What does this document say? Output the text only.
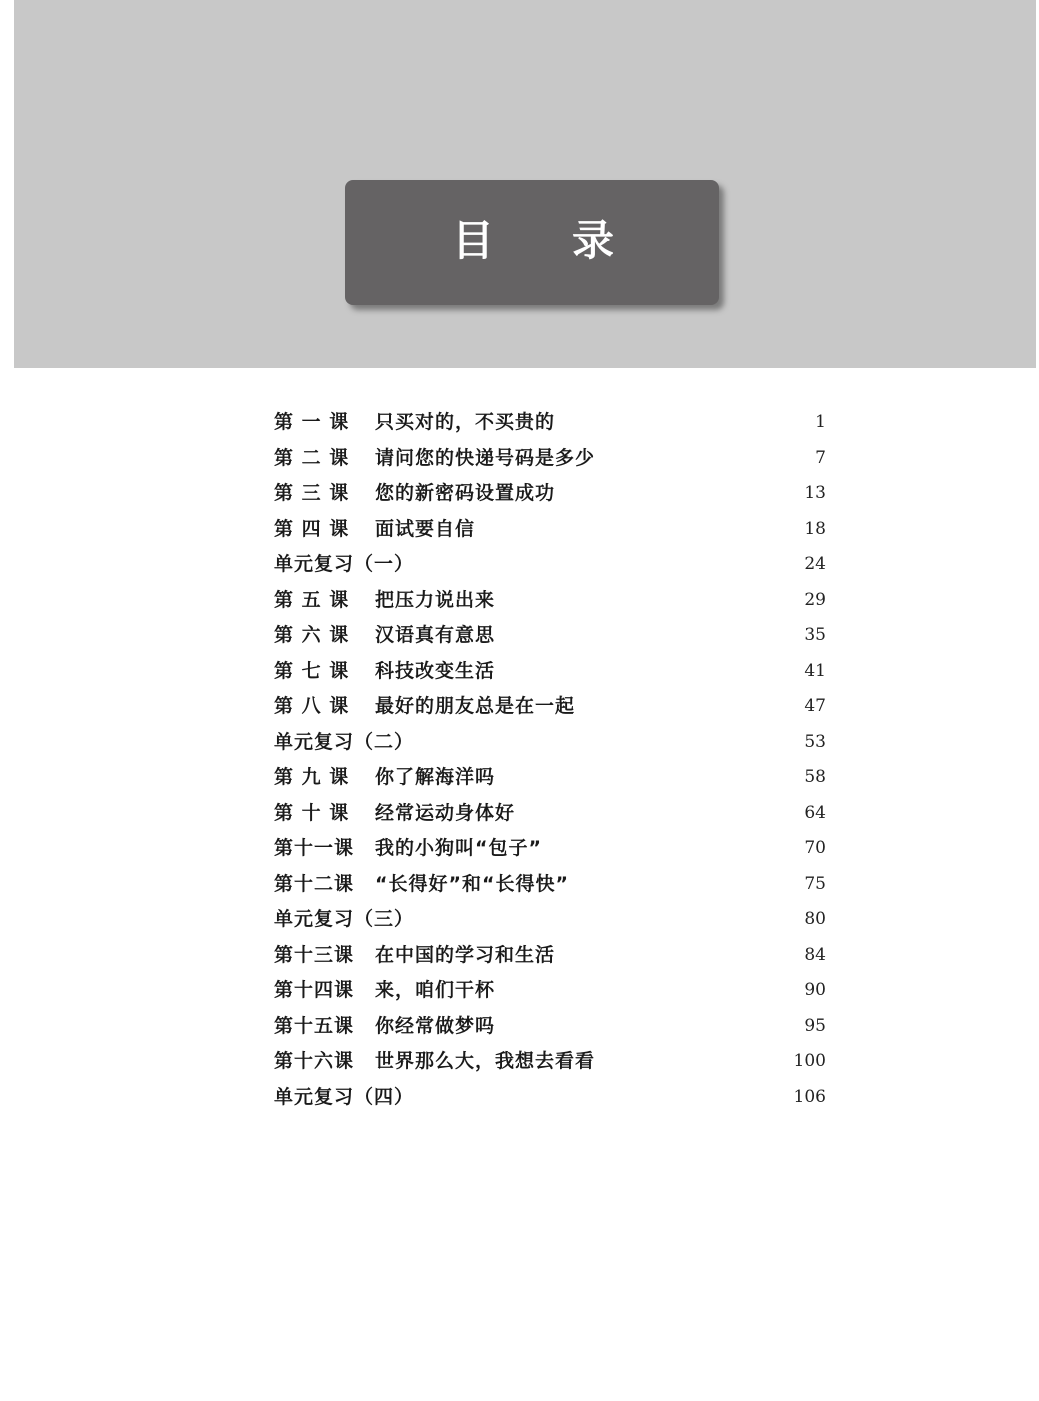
目 录
第 一 课 只买对的，不买贵的	1
第 二 课 请问您的快递号码是多少	7
第 三 课 您的新密码设置成功	13
第 四 课 面试要自信	18
单元复习（一）	24
第 五 课 把压力说出来	29
第 六 课 汉语真有意思	35
第 七 课 科技改变生活	41
第 八 课 最好的朋友总是在一起	47
单元复习（二）	53
第 九 课 你了解海洋吗	58
第 十 课 经常运动身体好	64
第十一课 我的小狗叫“包子”	70
第十二课 “长得好”和“长得快”	75
单元复习（三）	80
第十三课 在中国的学习和生活	84
第十四课 来，咱们干杯	90
第十五课 你经常做梦吗	95
第十六课 世界那么大，我想去看看	100
单元复习（四）	106
